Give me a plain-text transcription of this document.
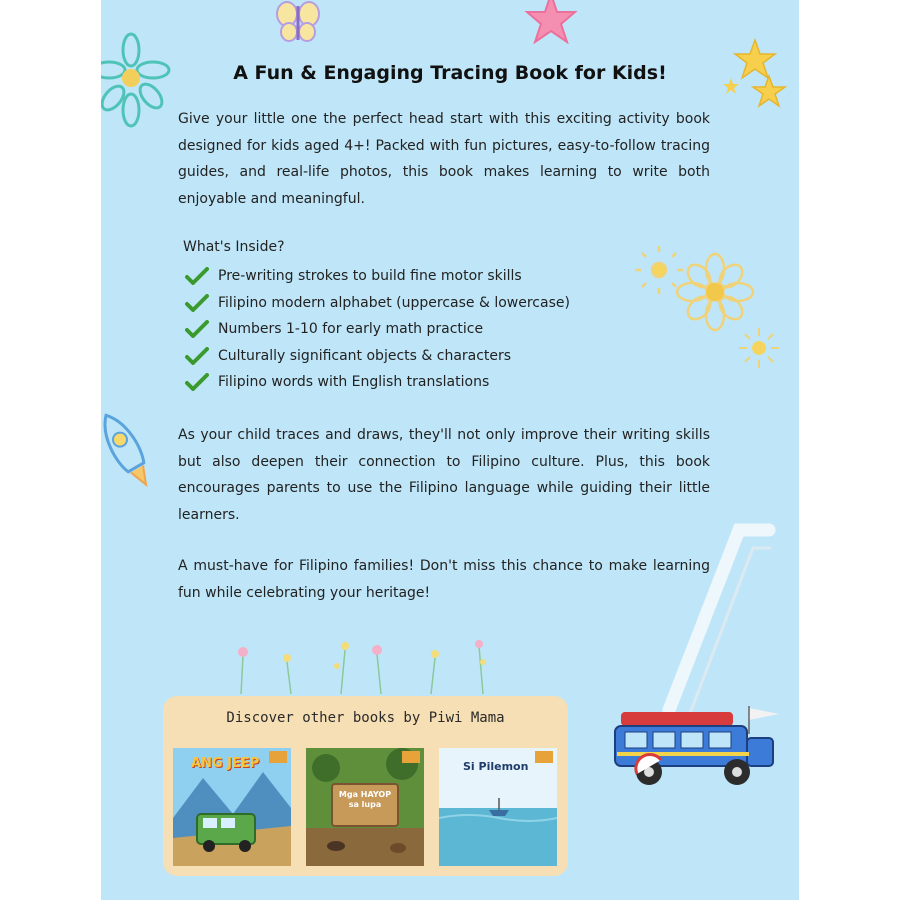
A Fun & Engaging Tracing Book for Kids!
Give your little one the perfect head start with this exciting activity book designed for kids aged 4+! Packed with fun pictures, easy-to-follow tracing guides, and real-life photos, this book makes learning to write both enjoyable and meaningful.
What's Inside?
Pre-writing strokes to build fine motor skills
Filipino modern alphabet (uppercase & lowercase)
Numbers 1-10 for early math practice
Culturally significant objects & characters
Filipino words with English translations
As your child traces and draws, they'll not only improve their writing skills but also deepen their connection to Filipino culture. Plus, this book encourages parents to use the Filipino language while guiding their little learners.
A must-have for Filipino families! Don't miss this chance to make learning fun while celebrating your heritage!
Discover other books by Piwi Mama
ANG JEEP
Mga HAYOP sa lupa
Si Pilemon
